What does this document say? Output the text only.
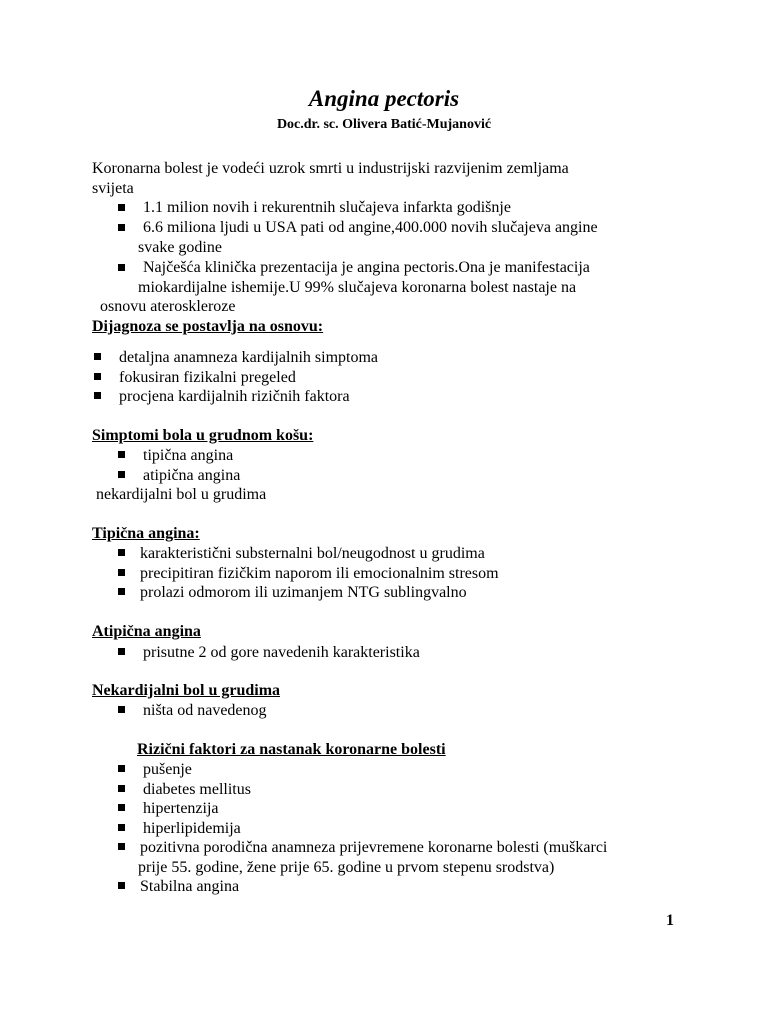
Angina pectoris
Doc.dr. sc. Olivera Batić-Mujanović
Koronarna bolest je vodeći uzrok smrti u industrijski razvijenim zemljama
svijeta
1.1 milion novih i rekurentnih slučajeva infarkta godišnje
6.6 miliona ljudi u USA pati od angine,400.000 novih slučajeva angine
svake godine
Najčešća klinička prezentacija je angina pectoris.Ona je manifestacija
miokardijalne ishemije.U 99% slučajeva koronarna bolest nastaje na
osnovu ateroskleroze
Dijagnoza se postavlja na osnovu:
detaljna anamneza kardijalnih simptoma
fokusiran fizikalni pregeled
procjena kardijalnih rizičnih faktora
Simptomi bola u grudnom košu:
tipična angina
atipična angina
nekardijalni bol u grudima
Tipična angina:
karakteristični substernalni bol/neugodnost u grudima
precipitiran fizičkim naporom ili emocionalnim stresom
prolazi odmorom ili uzimanjem NTG sublingvalno
Atipična angina
prisutne 2 od gore navedenih karakteristika
Nekardijalni bol u grudima
ništa od navedenog
Rizični faktori za nastanak koronarne bolesti
pušenje
diabetes mellitus
hipertenzija
hiperlipidemija
pozitivna porodična anamneza prijevremene koronarne bolesti (muškarci
prije 55. godine, žene prije 65. godine u prvom stepenu srodstva)
Stabilna angina
1
